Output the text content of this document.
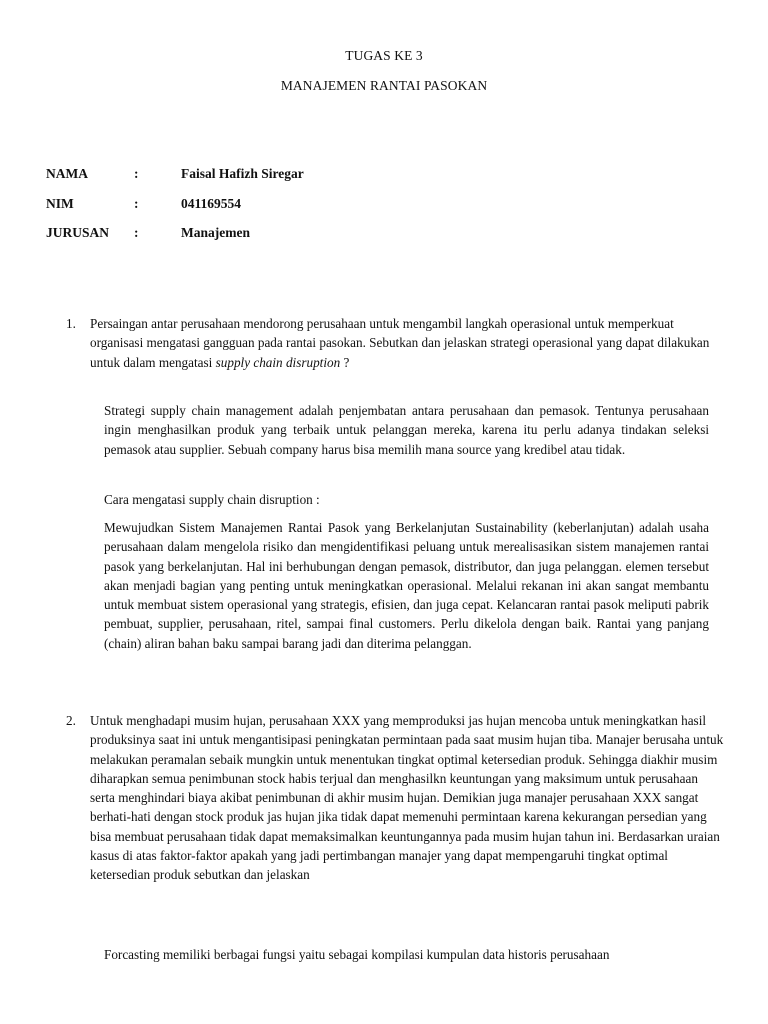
TUGAS KE 3
MANAJEMEN RANTAI PASOKAN
NAMA	:	Faisal Hafizh Siregar
NIM	:	041169554
JURUSAN :	Manajemen
1. Persaingan antar perusahaan mendorong perusahaan untuk mengambil langkah operasional untuk memperkuat organisasi mengatasi gangguan pada rantai pasokan. Sebutkan dan jelaskan strategi operasional yang dapat dilakukan untuk dalam mengatasi supply chain disruption ?

Strategi supply chain management adalah penjembatan antara perusahaan dan pemasok. Tentunya perusahaan ingin menghasilkan produk yang terbaik untuk pelanggan mereka, karena itu perlu adanya tindakan seleksi pemasok atau supplier. Sebuah company harus bisa memilih mana source yang kredibel atau tidak.

Cara mengatasi supply chain disruption :

Mewujudkan Sistem Manajemen Rantai Pasok yang Berkelanjutan Sustainability (keberlanjutan) adalah usaha perusahaan dalam mengelola risiko dan mengidentifikasi peluang untuk merealisasikan sistem manajemen rantai pasok yang berkelanjutan. Hal ini berhubungan dengan pemasok, distributor, dan juga pelanggan. elemen tersebut akan menjadi bagian yang penting untuk meningkatkan operasional. Melalui rekanan ini akan sangat membantu untuk membuat sistem operasional yang strategis, efisien, dan juga cepat. Kelancaran rantai pasok meliputi pabrik pembuat, supplier, perusahaan, ritel, sampai final customers. Perlu dikelola dengan baik. Rantai yang panjang (chain) aliran bahan baku sampai barang jadi dan diterima pelanggan.

2. Untuk menghadapi musim hujan, perusahaan XXX yang memproduksi jas hujan mencoba untuk meningkatkan hasil produksinya saat ini untuk mengantisipasi peningkatan permintaan pada saat musim hujan tiba. Manajer berusaha untuk melakukan peramalan sebaik mungkin untuk menentukan tingkat optimal ketersedian produk. Sehingga diakhir musim diharapkan semua penimbunan stock habis terjual dan menghasilkn keuntungan yang maksimum untuk perusahaan serta menghindari biaya akibat penimbunan di akhir musim hujan. Demikian juga manajer perusahaan XXX sangat berhati-hati dengan stock produk jas hujan jika tidak dapat memenuhi permintaan karena kekurangan persedian yang bisa membuat perusahaan tidak dapat memaksimalkan keuntungannya pada musim hujan tahun ini. Berdasarkan uraian kasus di atas faktor-faktor apakah yang jadi pertimbangan manajer yang dapat mempengaruhi tingkat optimal ketersedian produk sebutkan dan jelaskan

Forcasting memiliki berbagai fungsi yaitu sebagai kompilasi kumpulan data historis perusahaan
